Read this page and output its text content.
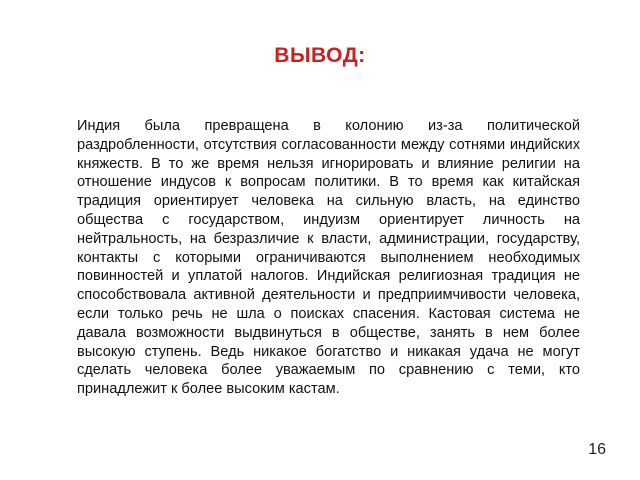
ВЫВОД:

Индия была превращена в колонию из-за политической раздробленности, отсутствия согласованности между сотнями индийских княжеств. В то же время нельзя игнорировать и влияние религии на отношение индусов к вопросам политики. В то время как китайская традиция ориентирует человека на сильную власть, на единство общества с государством, индуизм ориентирует личность на нейтральность, на безразличие к власти, администрации, государству, контакты с которыми ограничиваются выполнением необходимых повинностей и уплатой налогов. Индийская религиозная традиция не способствовала активной деятельности и предприимчивости человека, если только речь не шла о поисках спасения. Кастовая система не давала возможности выдвинуться в обществе, занять в нем более высокую ступень. Ведь никакое богатство и никакая удача не могут сделать человека более уважаемым по сравнению с теми, кто принадлежит к более высоким кастам.

16
